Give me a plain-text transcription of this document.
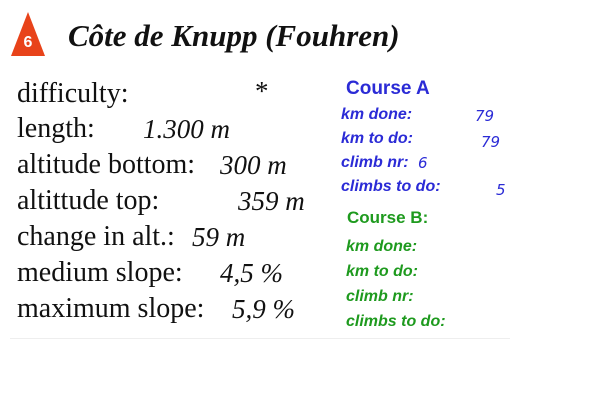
6	Côte de Knupp (Fouhren)
difficulty:	*
length: 1.300 m
altitude bottom: 300 m
altittude top:	359 m
change in alt.: 59 m
medium slope: 4,5 %
maximum slope: 5,9 %
Course A
km done:	79
km to do:	79
climb nr: 6
climbs to do:	5
Course B:
km done:
km to do:
climb nr:
climbs to do:
